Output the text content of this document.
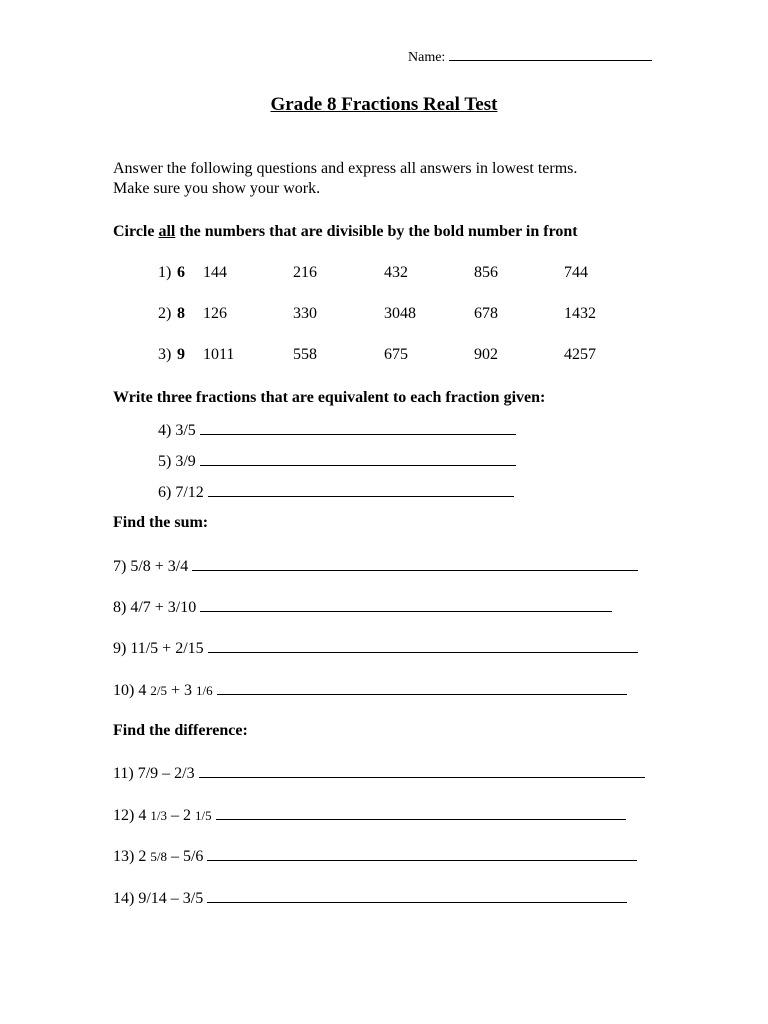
Name:
Grade 8 Fractions Real Test
Answer the following questions and express all answers in lowest terms.
Make sure you show your work.
Circle all the numbers that are divisible by the bold number in front
1) 6 144	216	432	856	744
2) 8 126	330	3048	678	1432
3) 9 1011	558	675	902	4257
Write three fractions that are equivalent to each fraction given:
4) 3/5
5) 3/9
6) 7/12
Find the sum:
7) 5/8 + 3/4
8) 4/7 + 3/10
9) 11/5 + 2/15
10) 4 2/5 + 3 1/6
Find the difference:
11) 7/9 – 2/3
12) 4 1/3 – 2 1/5
13) 2 5/8 – 5/6
14) 9/14 – 3/5
